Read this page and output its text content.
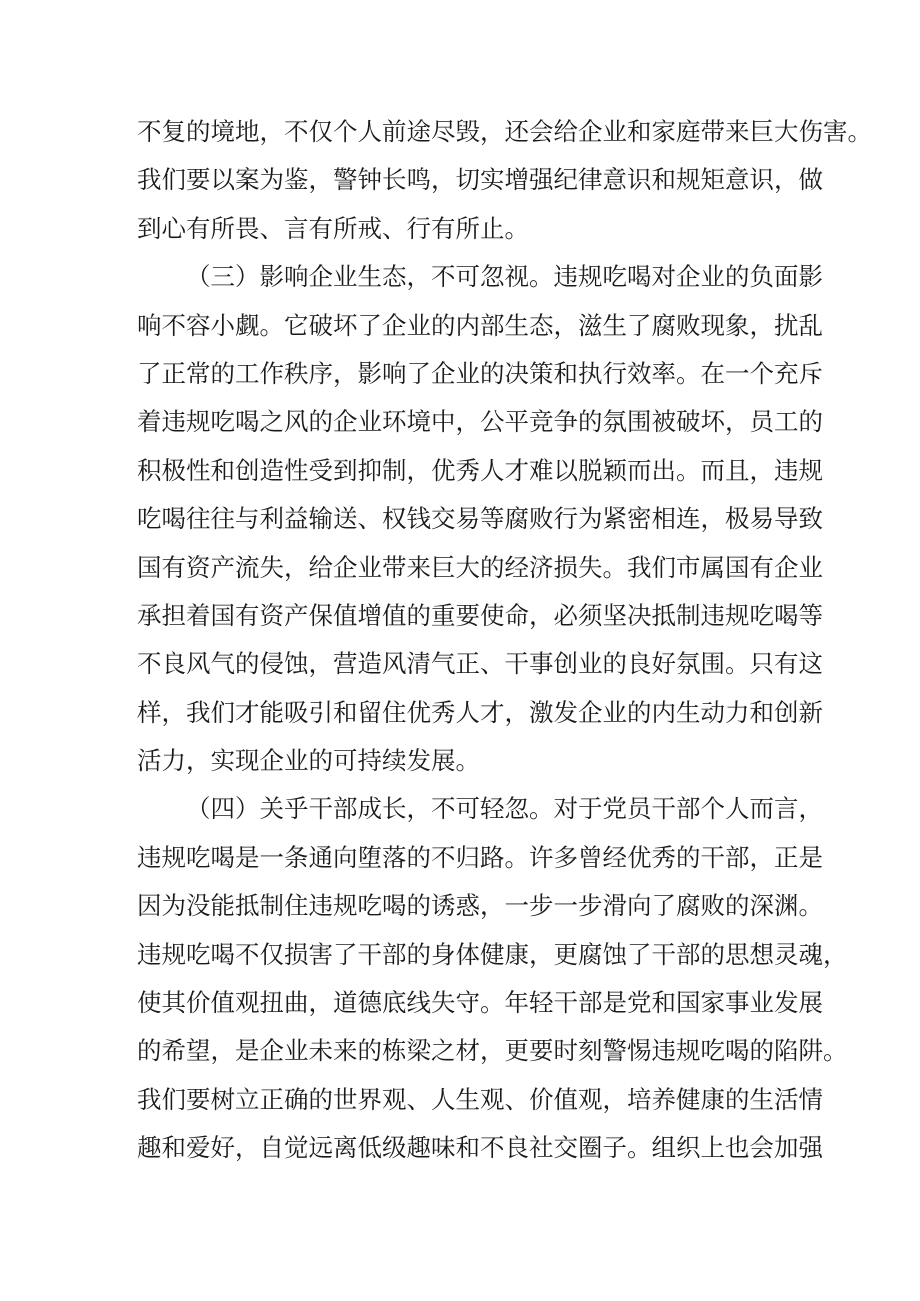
不复的境地，不仅个人前途尽毁，还会给企业和家庭带来巨大伤害。
我们要以案为鉴，警钟长鸣，切实增强纪律意识和规矩意识，做
到心有所畏、言有所戒、行有所止。
（三）影响企业生态，不可忽视。违规吃喝对企业的负面影
响不容小觑。它破坏了企业的内部生态，滋生了腐败现象，扰乱
了正常的工作秩序，影响了企业的决策和执行效率。在一个充斥
着违规吃喝之风的企业环境中，公平竞争的氛围被破坏，员工的
积极性和创造性受到抑制，优秀人才难以脱颖而出。而且，违规
吃喝往往与利益输送、权钱交易等腐败行为紧密相连，极易导致
国有资产流失，给企业带来巨大的经济损失。我们市属国有企业
承担着国有资产保值增值的重要使命，必须坚决抵制违规吃喝等
不良风气的侵蚀，营造风清气正、干事创业的良好氛围。只有这
样，我们才能吸引和留住优秀人才，激发企业的内生动力和创新
活力，实现企业的可持续发展。
（四）关乎干部成长，不可轻忽。对于党员干部个人而言，
违规吃喝是一条通向堕落的不归路。许多曾经优秀的干部，正是
因为没能抵制住违规吃喝的诱惑，一步一步滑向了腐败的深渊。
违规吃喝不仅损害了干部的身体健康，更腐蚀了干部的思想灵魂，
使其价值观扭曲，道德底线失守。年轻干部是党和国家事业发展
的希望，是企业未来的栋梁之材，更要时刻警惕违规吃喝的陷阱。
我们要树立正确的世界观、人生观、价值观，培养健康的生活情
趣和爱好，自觉远离低级趣味和不良社交圈子。组织上也会加强
